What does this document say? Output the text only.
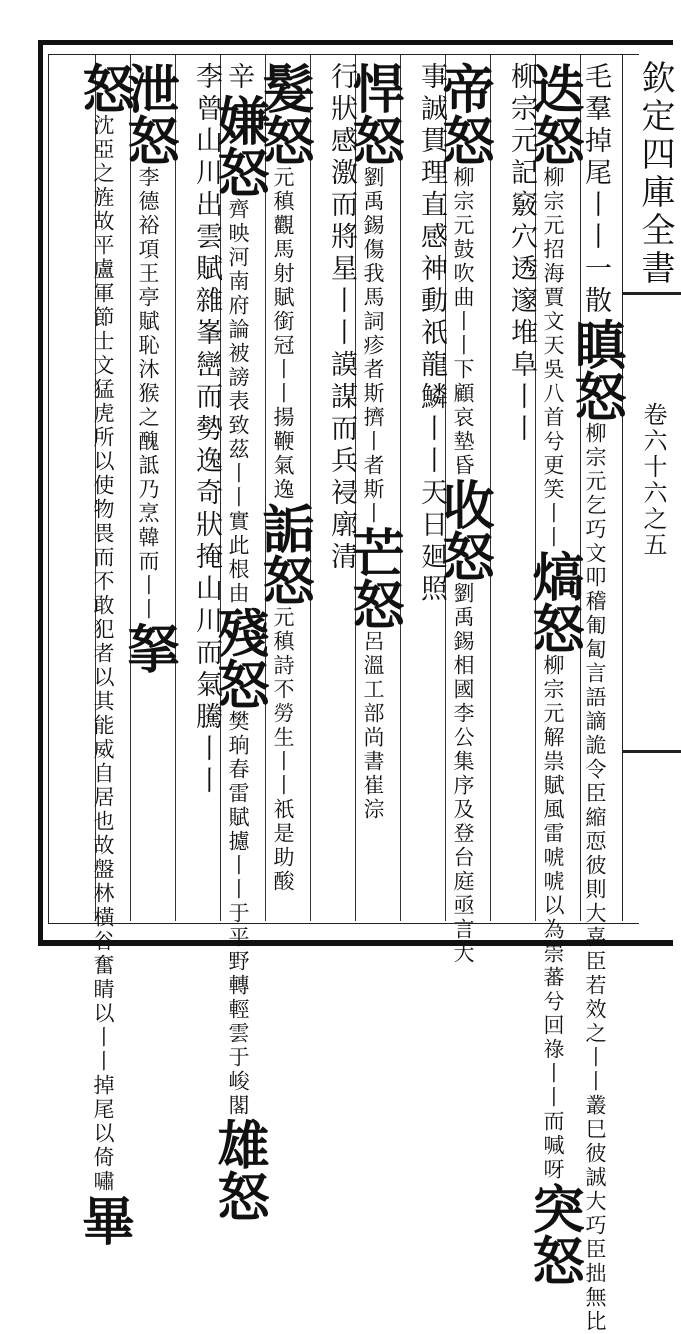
欽定四庫全書
卷六十六之五
毛羣掉尾丨丨一散瞋怒柳宗元乞巧文叩稽匍匐言語謫詭令臣縮恧彼則大喜臣若效之丨丨叢巳彼誠大巧臣拙無比
迭怒柳宗元招海賈文天吳八首兮更笑丨丨熇怒柳宗元解祟賦風雷唬唬以為崇蕃兮回祿丨丨而喊呀突怒
柳宗元記竅穴透邃堆阜丨丨
帝怒柳宗元鼓吹曲丨丨下顧哀墊昏收怒劉禹錫相國李公集序及登台庭亟言大
事誠貫理直感神動祇龍鱗丨丨天日廻照
悍怒劉禹錫傷我馬詞疹者斯擠丨者斯丨芒怒呂溫工部尚書崔淙
行狀感激而將星丨丨謨謀而兵祲廓清
髮怒元稹觀馬射賦銜冠丨丨揚鞭氣逸詬怒元稹詩不勞生丨丨祇是助酸
辛嫌怒齊映河南府論被謗表致茲丨丨實此根由殘怒樊珦春雷賦攄丨丨于平野轉輕雲于峻閣雄怒
李曾山川出雲賦雜峯巒而勢逸奇狀掩山川而氣騰丨丨
泄怒李德裕項王亭賦恥沐猴之醜詆乃烹韓而丨丨拏
怒沈亞之旌故平盧軍節士文猛虎所以使物畏而不敢犯者以其能威自居也故盤林橫谷奮睛以丨丨掉尾以倚嘯畢
